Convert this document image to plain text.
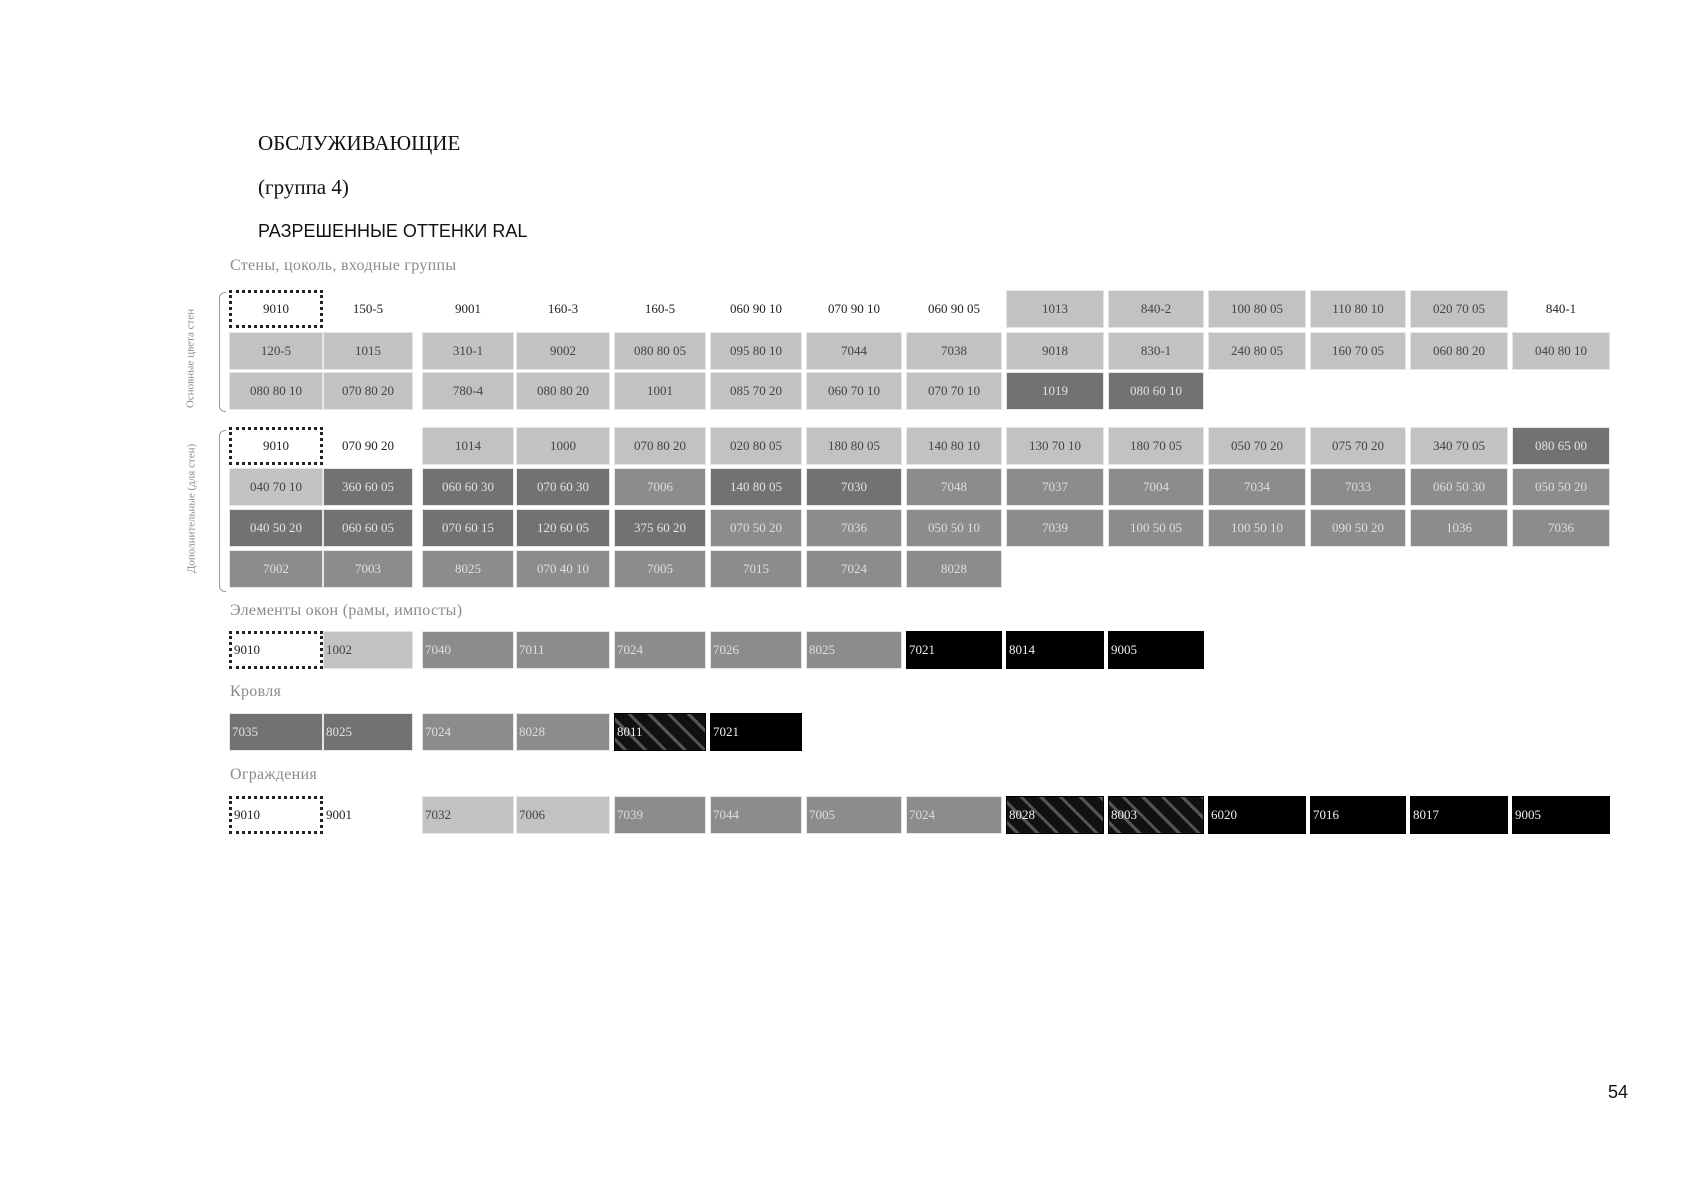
ОБСЛУЖИВАЮЩИЕ
(группа 4)
РАЗРЕШЕННЫЕ ОТТЕНКИ RAL
Стены, цоколь, входные группы
Основные цвета стен
Дополнительные (для стен)
9010	150-5	9001	160-3	160-5	060 90 10	070 90 10	060 90 05	1013	840-2	100 80 05	110 80 10	020 70 05	840-1
120-5	1015	310-1	9002	080 80 05	095 80 10	7044	7038	9018	830-1	240 80 05	160 70 05	060 80 20	040 80 10
080 80 10	070 80 20	780-4	080 80 20	1001	085 70 20	060 70 10	070 70 10	1019	080 60 10
9010	070 90 20	1014	1000	070 80 20	020 80 05	180 80 05	140 80 10	130 70 10	180 70 05	050 70 20	075 70 20	340 70 05	080 65 00
040 70 10	360 60 05	060 60 30	070 60 30	7006	140 80 05	7030	7048	7037	7004	7034	7033	060 50 30	050 50 20
040 50 20	060 60 05	070 60 15	120 60 05	375 60 20	070 50 20	7036	050 50 10	7039	100 50 05	100 50 10	090 50 20	1036	7036
7002	7003	8025	070 40 10	7005	7015	7024	8028
9010	1002	7040	7011	7024	7026	8025	7021	8014	9005
7035	8025	7024	8028	8011	7021
9010	9001	7032	7006	7039	7044	7005	7024	8028	8003	6020	7016	8017	9005
Элементы окон (рамы, импосты)
Кровля
Ограждения
54
